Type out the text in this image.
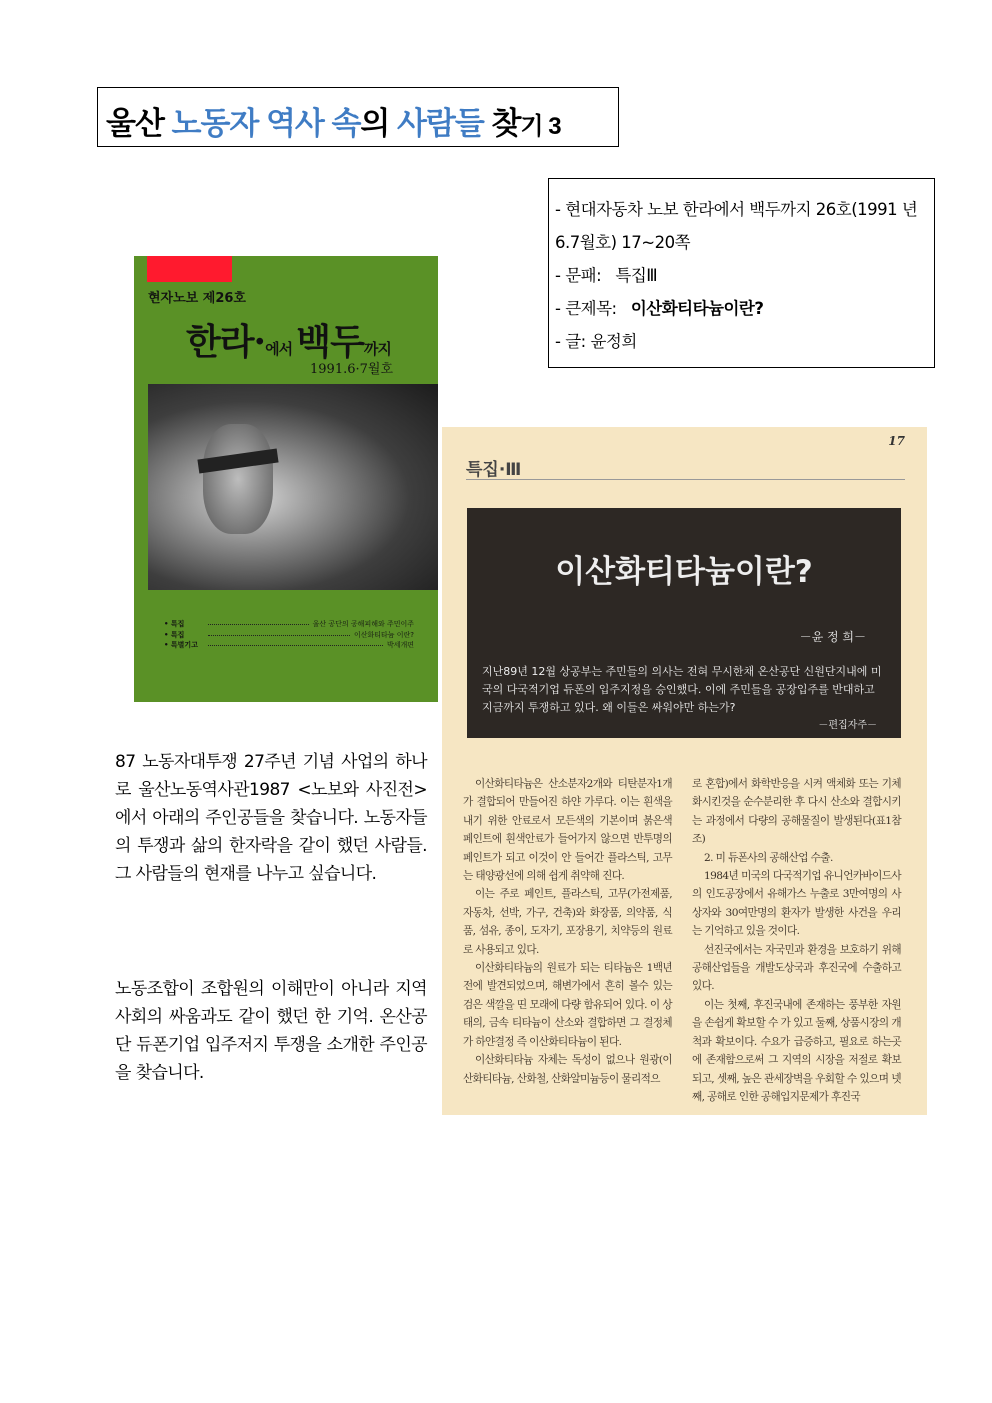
울산 노동자 역사 속의 사람들 찾기 3
- 현대자동차 노보 한라에서 백두까지 26호(1991 년 6.7월호) 17~20쪽
- 문패: 특집Ⅲ
- 큰제목: 이산화티타늄이란?
- 글: 윤정희
현자노보 제26호
한라·에서 백두까지
1991.6·7월호
• 특집	울산 공단의 공해피해와 주민이주
• 특집	이산화티타늄 이란?
• 특별기고	박세개편
87 노동자대투쟁 27주년 기념 사업의 하나로 울산노동역사관1987 <노보와 사진전>에서 아래의 주인공들을 찾습니다. 노동자들의 투쟁과 삶의 한자락을 같이 했던 사람들. 그 사람들의 현재를 나누고 싶습니다.
노동조합이 조합원의 이해만이 아니라 지역사회의 싸움과도 같이 했던 한 기억. 온산공단 듀폰기업 입주저지 투쟁을 소개한 주인공을 찾습니다.
17
특집·Ⅲ
이산화티타늄이란?
－윤 정 희－
지난89년 12월 상공부는 주민들의 의사는 전혀 무시한채 온산공단 신원단지내에 미국의 다국적기업 듀폰의 입주지정을 승인했다. 이에 주민들을 공장입주를 반대하고 지금까지 투쟁하고 있다. 왜 이들은 싸워야만 하는가?
－편집자주－

이산화티타늄은 산소분자2개와 티탄분자1개가 결합되어 만들어진 하얀 가루다. 이는 흰색을 내기 위한 안료로서 모든색의 기본이며 붉은색 페인트에 흰색안료가 들어가지 않으면 반투명의 페인트가 되고 이것이 안 들어간 플라스틱, 고무는 태양광선에 의해 쉽게 취약해 진다.

이는 주로 페인트, 플라스틱, 고무(가전제품, 자동차, 선박, 가구, 건축)와 화장품, 의약품, 식품, 섬유, 종이, 도자기, 포장용기, 치약등의 원료로 사용되고 있다.

이산화티타늄의 원료가 되는 티타늄은 1백년전에 발견되었으며, 해변가에서 흔히 볼수 있는 검은 색깔을 띤 모래에 다량 함유되어 있다. 이 상태의, 금속 티타늄이 산소와 결합하면 그 결정체가 하얀결정 즉 이산화티타늄이 된다.

이산화티타늄 자체는 독성이 없으나 원광(이산화티타늄, 산화철, 산화알미늄등이 물리적으

로 혼합)에서 화학반응을 시켜 액체화 또는 기체화시킨것을 순수분리한 후 다시 산소와 결합시키는 과정에서 다량의 공해물질이 발생된다(표1참조)

2. 미 듀폰사의 공해산업 수출.

1984년 미국의 다국적기업 유니언카바이드사의 인도공장에서 유해가스 누출로 3만여명의 사상자와 30여만명의 환자가 발생한 사건을 우리는 기억하고 있을 것이다.

선진국에서는 자국민과 환경을 보호하기 위해 공해산업들을 개발도상국과 후진국에 수출하고 있다.

이는 첫째, 후진국내에 존재하는 풍부한 자원을 손쉽게 확보할 수 가 있고 둘째, 상품시장의 개척과 확보이다. 수요가 급증하고, 필요로 하는곳에 존재함으로써 그 지역의 시장을 저절로 확보되고, 셋째, 높은 관세장벽을 우회할 수 있으며 넷째, 공해로 인한 공해입지문제가 후진국
